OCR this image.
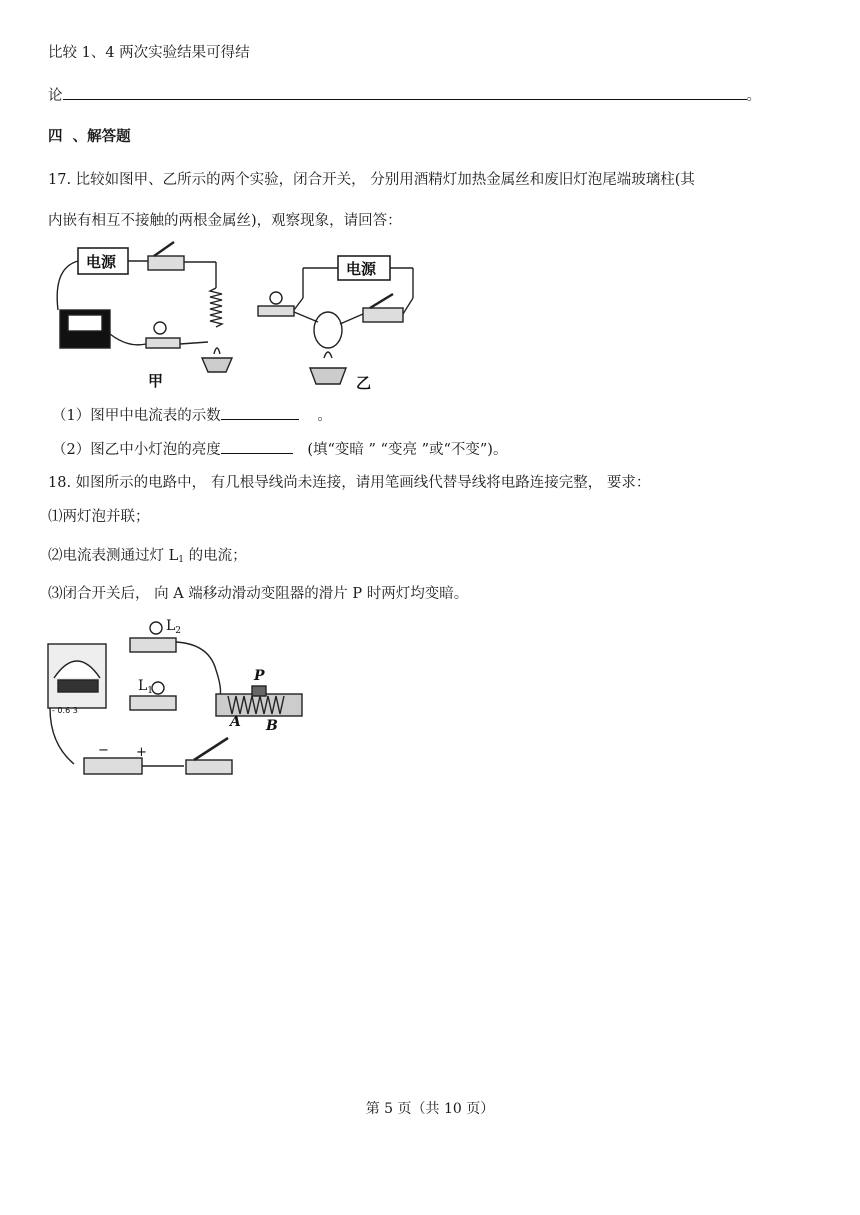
比较 1、4 两次实验结果可得结
论	。
四  、解答题
17. 比较如图甲、乙所示的两个实验，闭合开关， 分别用酒精灯加热金属丝和废旧灯泡尾端玻璃柱(其
内嵌有相互不接触的两根金属丝)，观察现象，请回答：
电源	电源
甲	乙
（1）图甲中电流表的示数	。
（2）图乙中小灯泡的亮度	(填“变暗 ” “变亮 ”或“不变”)。
18. 如图所示的电路中， 有几根导线尚未连接，请用笔画线代替导线将电路连接完整， 要求：
⑴两灯泡并联；
⑵电流表测通过灯 $L_1$ 的电流；
⑶闭合开关后， 向 A 端移动滑动变阻器的滑片 P 时两灯均变暗。
$L_2$
$L_1$
P
A B
- 0.6 3
− +
第 5 页（共 10 页）
